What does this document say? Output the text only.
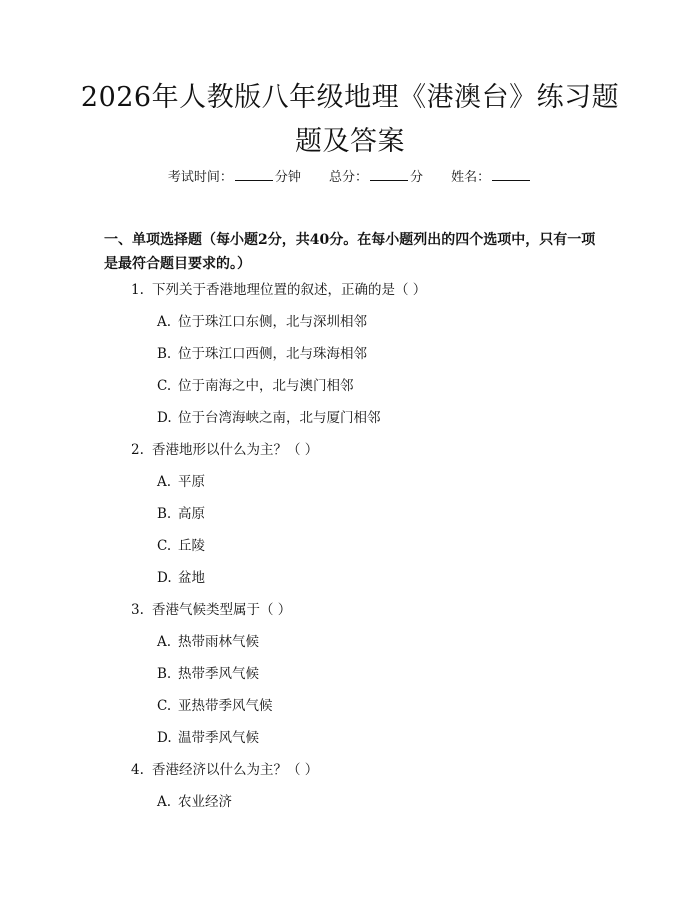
2026年人教版八年级地理《港澳台》练习题
题及答案
考试时间：	分钟 总分：	分 姓名：

一、单项选择题（每小题2分，共40分。在每小题列出的四个选项中，只有一项是最符合题目要求的。）

1. 下列关于香港地理位置的叙述，正确的是（ ）
A. 位于珠江口东侧，北与深圳相邻
B. 位于珠江口西侧，北与珠海相邻
C. 位于南海之中，北与澳门相邻
D. 位于台湾海峡之南，北与厦门相邻
2. 香港地形以什么为主？（ ）
A. 平原
B. 高原
C. 丘陵
D. 盆地
3. 香港气候类型属于（ ）
A. 热带雨林气候
B. 热带季风气候
C. 亚热带季风气候
D. 温带季风气候
4. 香港经济以什么为主？（ ）
A. 农业经济
